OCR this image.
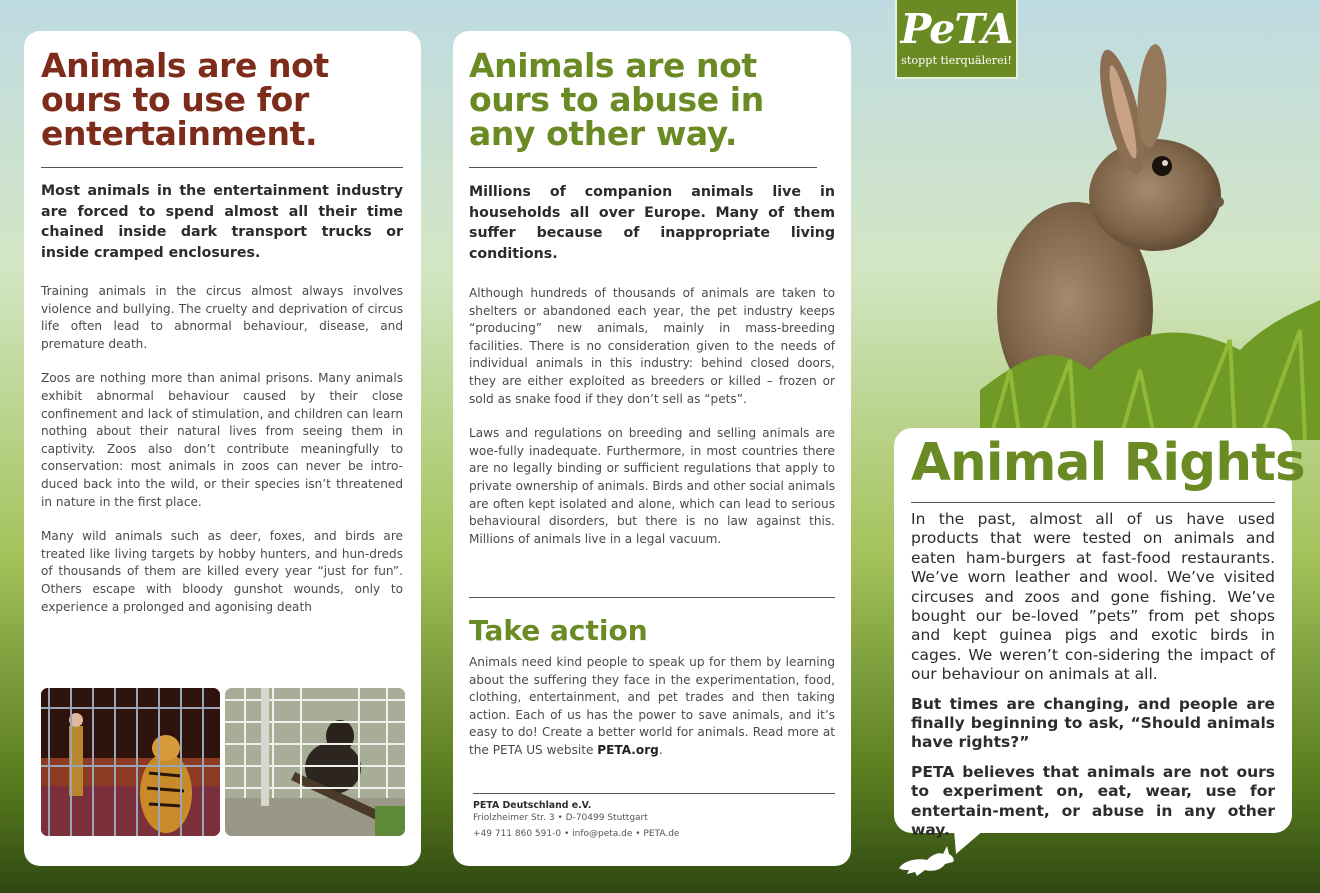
Animals are not ours to use for entertainment.

Most animals in the entertainment industry are forced to spend almost all their time chained inside dark transport trucks or inside cramped enclosures.

Training animals in the circus almost always involves violence and bullying. The cruelty and deprivation of circus life often lead to abnormal behaviour, disease, and premature death.

Zoos are nothing more than animal prisons. Many animals exhibit abnormal behaviour caused by their close confinement and lack of stimulation, and children can learn nothing about their natural lives from seeing them in captivity. Zoos also don’t contribute meaningfully to conservation: most animals in zoos can never be intro-duced back into the wild, or their species isn’t threatened in nature in the first place.

Many wild animals such as deer, foxes, and birds are treated like living targets by hobby hunters, and hun-dreds of thousands of them are killed every year “just for fun”. Others escape with bloody gunshot wounds, only to experience a prolonged and agonising death

Animals are not ours to abuse in any other way.

Millions of companion animals live in households all over Europe. Many of them suffer because of inappropriate living conditions.

Although hundreds of thousands of animals are taken to shelters or abandoned each year, the pet industry keeps “producing” new animals, mainly in mass-breeding facilities. There is no consideration given to the needs of individual animals in this industry: behind closed doors, they are either exploited as breeders or killed – frozen or sold as snake food if they don’t sell as “pets”.

Laws and regulations on breeding and selling animals are woe-fully inadequate. Furthermore, in most countries there are no legally binding or sufficient regulations that apply to private ownership of animals. Birds and other social animals are often kept isolated and alone, which can lead to serious behavioural disorders, but there is no law against this. Millions of animals live in a legal vacuum.

Take action

Animals need kind people to speak up for them by learning about the suffering they face in the experimentation, food, clothing, entertainment, and pet trades and then taking action. Each of us has the power to save animals, and it’s easy to do! Create a better world for animals. Read more at the PETA US website PETA.org.

PETA Deutschland e.V.
Friolzheimer Str. 3 • D-70499 Stuttgart
+49 711 860 591-0 • info@peta.de • PETA.de
PeTA
stoppt tierquälerei!
Animal Rights

In the past, almost all of us have used products that were tested on animals and eaten ham-burgers at fast-food restaurants. We’ve worn leather and wool. We’ve visited circuses and zoos and gone fishing. We’ve bought our be-loved ”pets” from pet shops and kept guinea pigs and exotic birds in cages. We weren’t con-sidering the impact of our behaviour on animals at all.

But times are changing, and people are finally beginning to ask, “Should animals have rights?”

PETA believes that animals are not ours to experiment on, eat, wear, use for entertain-ment, or abuse in any other way.
